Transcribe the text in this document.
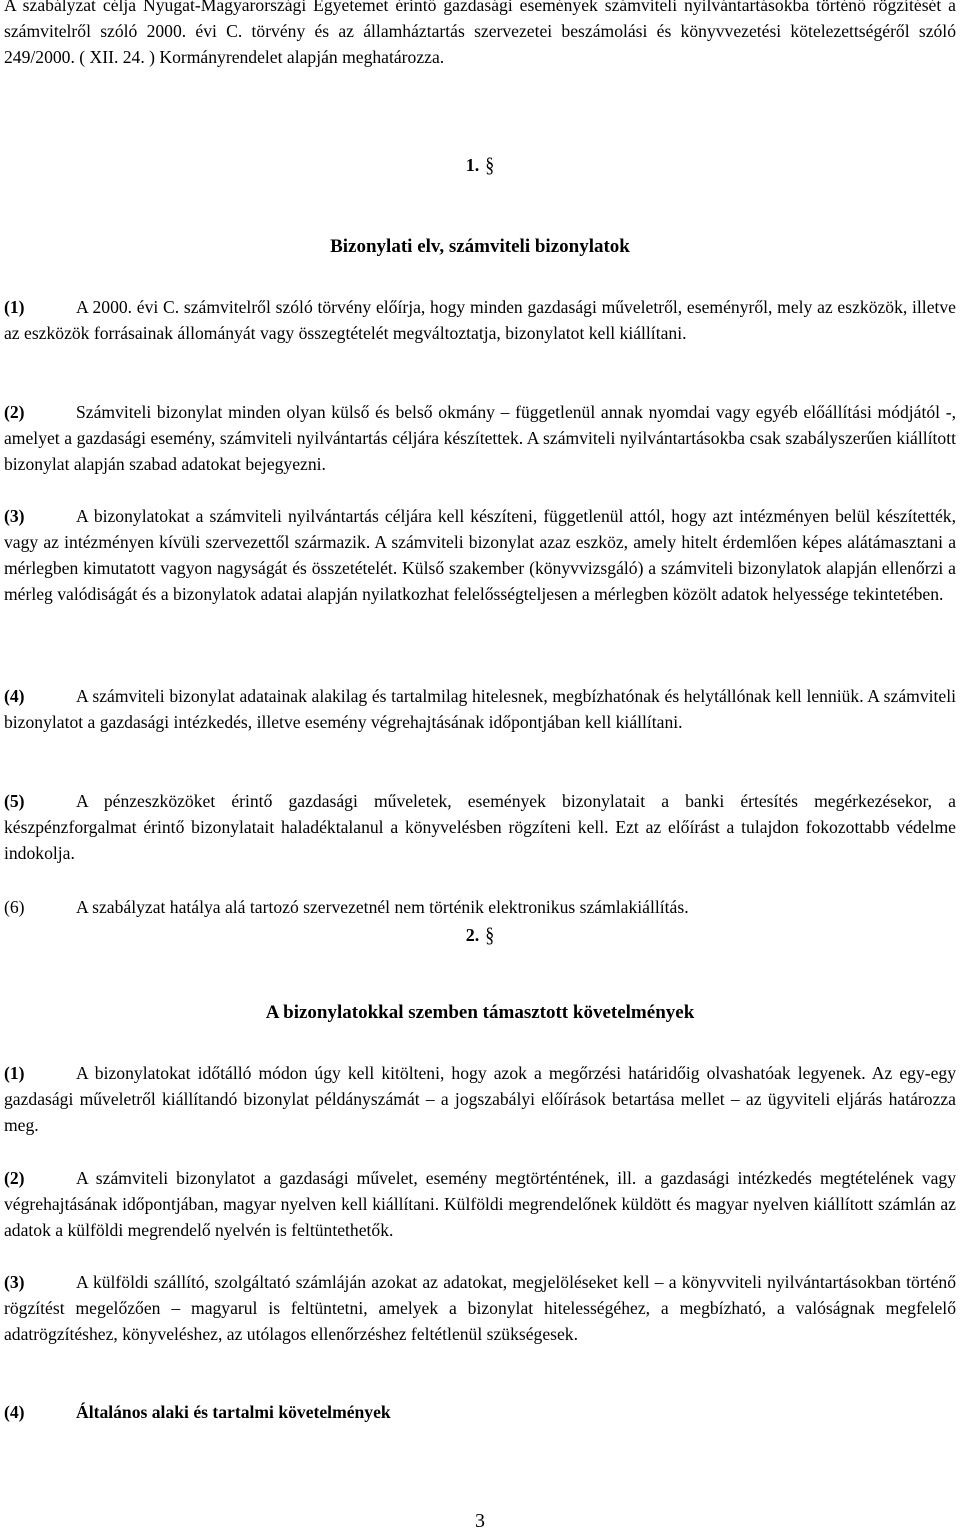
A szabályzat célja Nyugat-Magyarországi Egyetemet érintő gazdasági események számviteli nyilvántartásokba történő rögzítését a számvitelről szóló 2000. évi C. törvény és az államháztartás szervezetei beszámolási és könyvvezetési kötelezettségéről szóló 249/2000. ( XII. 24. ) Kormányrendelet alapján meghatározza.

1. §

Bizonylati elv, számviteli bizonylatok

(1)	A 2000. évi C. számvitelről szóló törvény előírja, hogy minden gazdasági műveletről, eseményről, mely az eszközök, illetve az eszközök forrásainak állományát vagy összegtételét megváltoztatja, bizonylatot kell kiállítani.

(2)	Számviteli bizonylat minden olyan külső és belső okmány – függetlenül annak nyomdai vagy egyéb előállítási módjától -, amelyet a gazdasági esemény, számviteli nyilvántartás céljára készítettek. A számviteli nyilvántartásokba csak szabályszerűen kiállított bizonylat alapján szabad adatokat bejegyezni.

(3)	A bizonylatokat a számviteli nyilvántartás céljára kell készíteni, függetlenül attól, hogy azt intézményen belül készítették, vagy az intézményen kívüli szervezettől származik. A számviteli bizonylat azaz eszköz, amely hitelt érdemlően képes alátámasztani a mérlegben kimutatott vagyon nagyságát és összetételét. Külső szakember (könyvvizsgáló) a számviteli bizonylatok alapján ellenőrzi a mérleg valódiságát és a bizonylatok adatai alapján nyilatkozhat felelősségteljesen a mérlegben közölt adatok helyessége tekintetében.

(4)	A számviteli bizonylat adatainak alakilag és tartalmilag hitelesnek, megbízhatónak és helytállónak kell lenniük. A számviteli bizonylatot a gazdasági intézkedés, illetve esemény végrehajtásának időpontjában kell kiállítani.

(5)	A pénzeszközöket érintő gazdasági műveletek, események bizonylatait a banki értesítés megérkezésekor, a készpénzforgalmat érintő bizonylatait haladéktalanul a könyvelésben rögzíteni kell. Ezt az előírást a tulajdon fokozottabb védelme indokolja.

(6)	A szabályzat hatálya alá tartozó szervezetnél nem történik elektronikus számlakiállítás.

2. §

A bizonylatokkal szemben támasztott követelmények

(1)	A bizonylatokat időtálló módon úgy kell kitölteni, hogy azok a megőrzési határidőig olvashatóak legyenek. Az egy-egy gazdasági műveletről kiállítandó bizonylat példányszámát – a jogszabályi előírások betartása mellet – az ügyviteli eljárás határozza meg.

(2)	A számviteli bizonylatot a gazdasági művelet, esemény megtörténtének, ill. a gazdasági intézkedés megtételének vagy végrehajtásának időpontjában, magyar nyelven kell kiállítani. Külföldi megrendelőnek küldött és magyar nyelven kiállított számlán az adatok a külföldi megrendelő nyelvén is feltüntethetők.

(3)	A külföldi szállító, szolgáltató számláján azokat az adatokat, megjelöléseket kell – a könyvviteli nyilvántartásokban történő rögzítést megelőzően – magyarul is feltüntetni, amelyek a bizonylat hitelességéhez, a megbízható, a valóságnak megfelelő adatrögzítéshez, könyveléshez, az utólagos ellenőrzéshez feltétlenül szükségesek.

(4)	Általános alaki és tartalmi követelmények

3
